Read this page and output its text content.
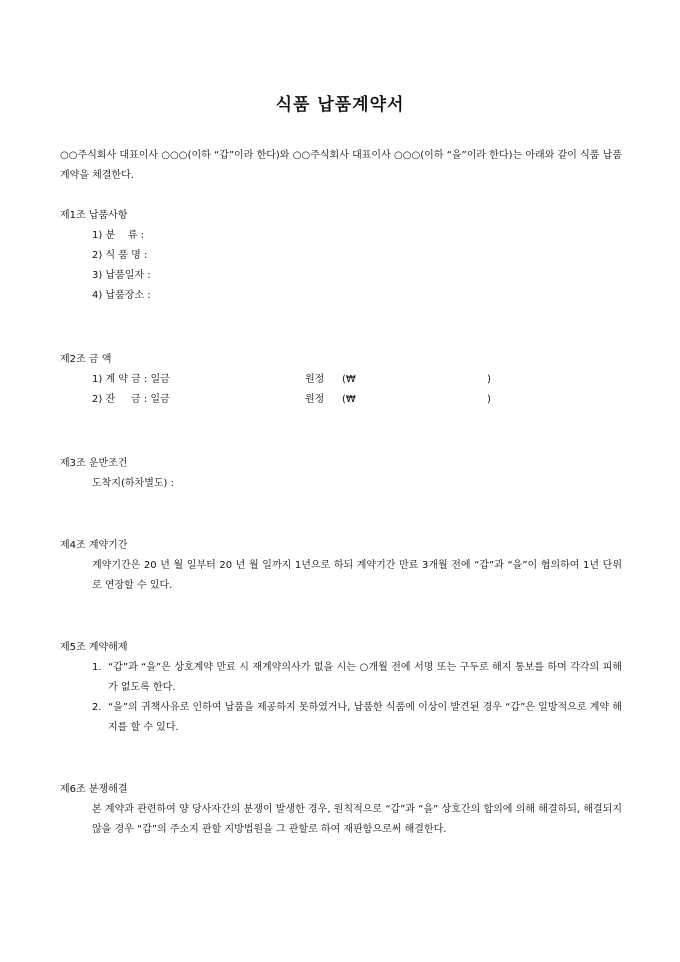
식품 납품계약서

○○주식회사 대표이사 ○○○(이하 “갑”이라 한다)와 ○○주식회사 대표이사 ○○○(이하 “을”이라 한다)는 아래와 같이 식품 납품 계약을 체결한다.

제1조 납품사항
1) 분    류 :
2) 식 품 명 :
3) 납품일자 :
4) 납품장소 :
제2조 금 액
1) 계 약 금 : 일금	원정 (₩	)
2) 잔     금 : 일금	원정 (₩	)
제3조 운반조건
도착지(하차별도) :
제4조 계약기간
계약기간은 20 년 월 일부터 20 년 월 일까지 1년으로 하되 계약기간 만료 3개월 전에 “갑”과 “을”이 협의하여 1년 단위로 연장할 수 있다.
제5조 계약해제
1. “갑”과 “을”은 상호계약 만료 시 재계약의사가 없을 시는 ○개월 전에 서명 또는 구두로 해지 통보를 하며 각각의 피해가 없도록 한다.
2. “을”의 귀책사유로 인하여 납품을 제공하지 못하였거나, 납품한 식품에 이상이 발견된 경우 “갑”은 일방적으로 계약 해지를 할 수 있다.
제6조 분쟁해결
본 계약과 관련하여 양 당사자간의 분쟁이 발생한 경우, 원칙적으로 “갑”과 “을” 상호간의 합의에 의해 해결하되, 해결되지 않을 경우 “갑”의 주소지 관할 지방법원을 그 관할로 하여 재판함으로써 해결한다.
